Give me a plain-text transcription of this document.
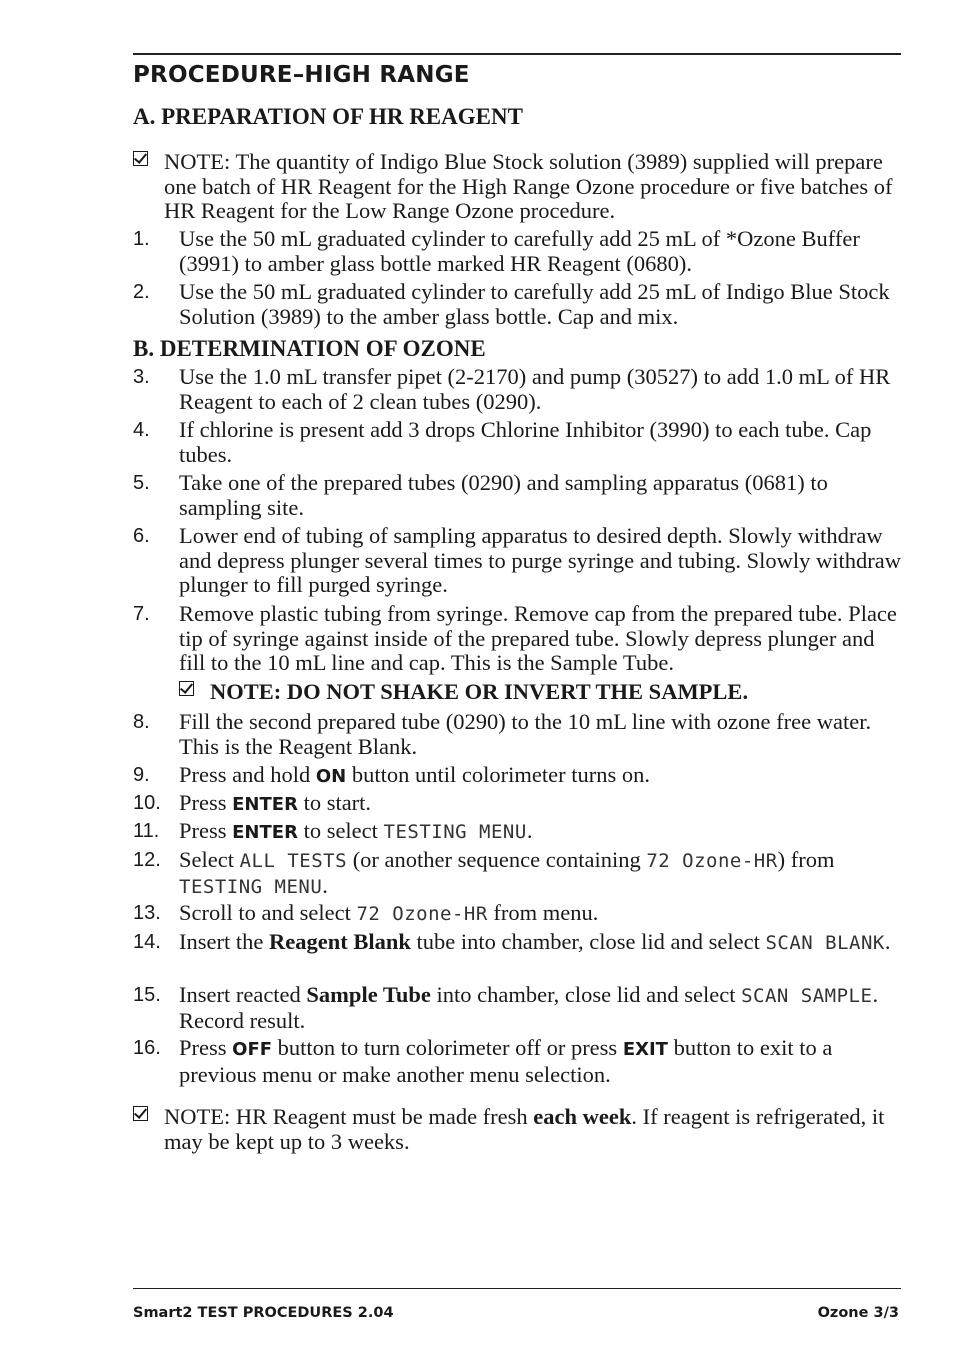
PROCEDURE–HIGH RANGE
A. PREPARATION OF HR REAGENT
NOTE: The quantity of Indigo Blue Stock solution (3989) supplied will prepare one batch of HR Reagent for the High Range Ozone procedure or five batches of HR Reagent for the Low Range Ozone procedure.
1. Use the 50 mL graduated cylinder to carefully add 25 mL of *Ozone Buffer (3991) to amber glass bottle marked HR Reagent (0680).
2. Use the 50 mL graduated cylinder to carefully add 25 mL of Indigo Blue Stock Solution (3989) to the amber glass bottle. Cap and mix.
B. DETERMINATION OF OZONE
3. Use the 1.0 mL transfer pipet (2-2170) and pump (30527) to add 1.0 mL of HR Reagent to each of 2 clean tubes (0290).
4. If chlorine is present add 3 drops Chlorine Inhibitor (3990) to each tube. Cap tubes.
5. Take one of the prepared tubes (0290) and sampling apparatus (0681) to sampling site.
6. Lower end of tubing of sampling apparatus to desired depth. Slowly withdraw and depress plunger several times to purge syringe and tubing. Slowly withdraw plunger to fill purged syringe.
7. Remove plastic tubing from syringe. Remove cap from the prepared tube. Place tip of syringe against inside of the prepared tube. Slowly depress plunger and fill to the 10 mL line and cap. This is the Sample Tube.
NOTE: DO NOT SHAKE OR INVERT THE SAMPLE.
8. Fill the second prepared tube (0290) to the 10 mL line with ozone free water. This is the Reagent Blank.
9. Press and hold ON button until colorimeter turns on.
10. Press ENTER to start.
11. Press ENTER to select TESTING MENU.
12. Select ALL TESTS (or another sequence containing 72 Ozone-HR) from TESTING MENU.
13. Scroll to and select 72 Ozone-HR from menu.
14. Insert the Reagent Blank tube into chamber, close lid and select SCAN BLANK.
15. Insert reacted Sample Tube into chamber, close lid and select SCAN SAMPLE. Record result.
16. Press OFF button to turn colorimeter off or press EXIT button to exit to a previous menu or make another menu selection.
NOTE: HR Reagent must be made fresh each week. If reagent is refrigerated, it may be kept up to 3 weeks.
Smart2 TEST PROCEDURES 2.04	Ozone 3/3
